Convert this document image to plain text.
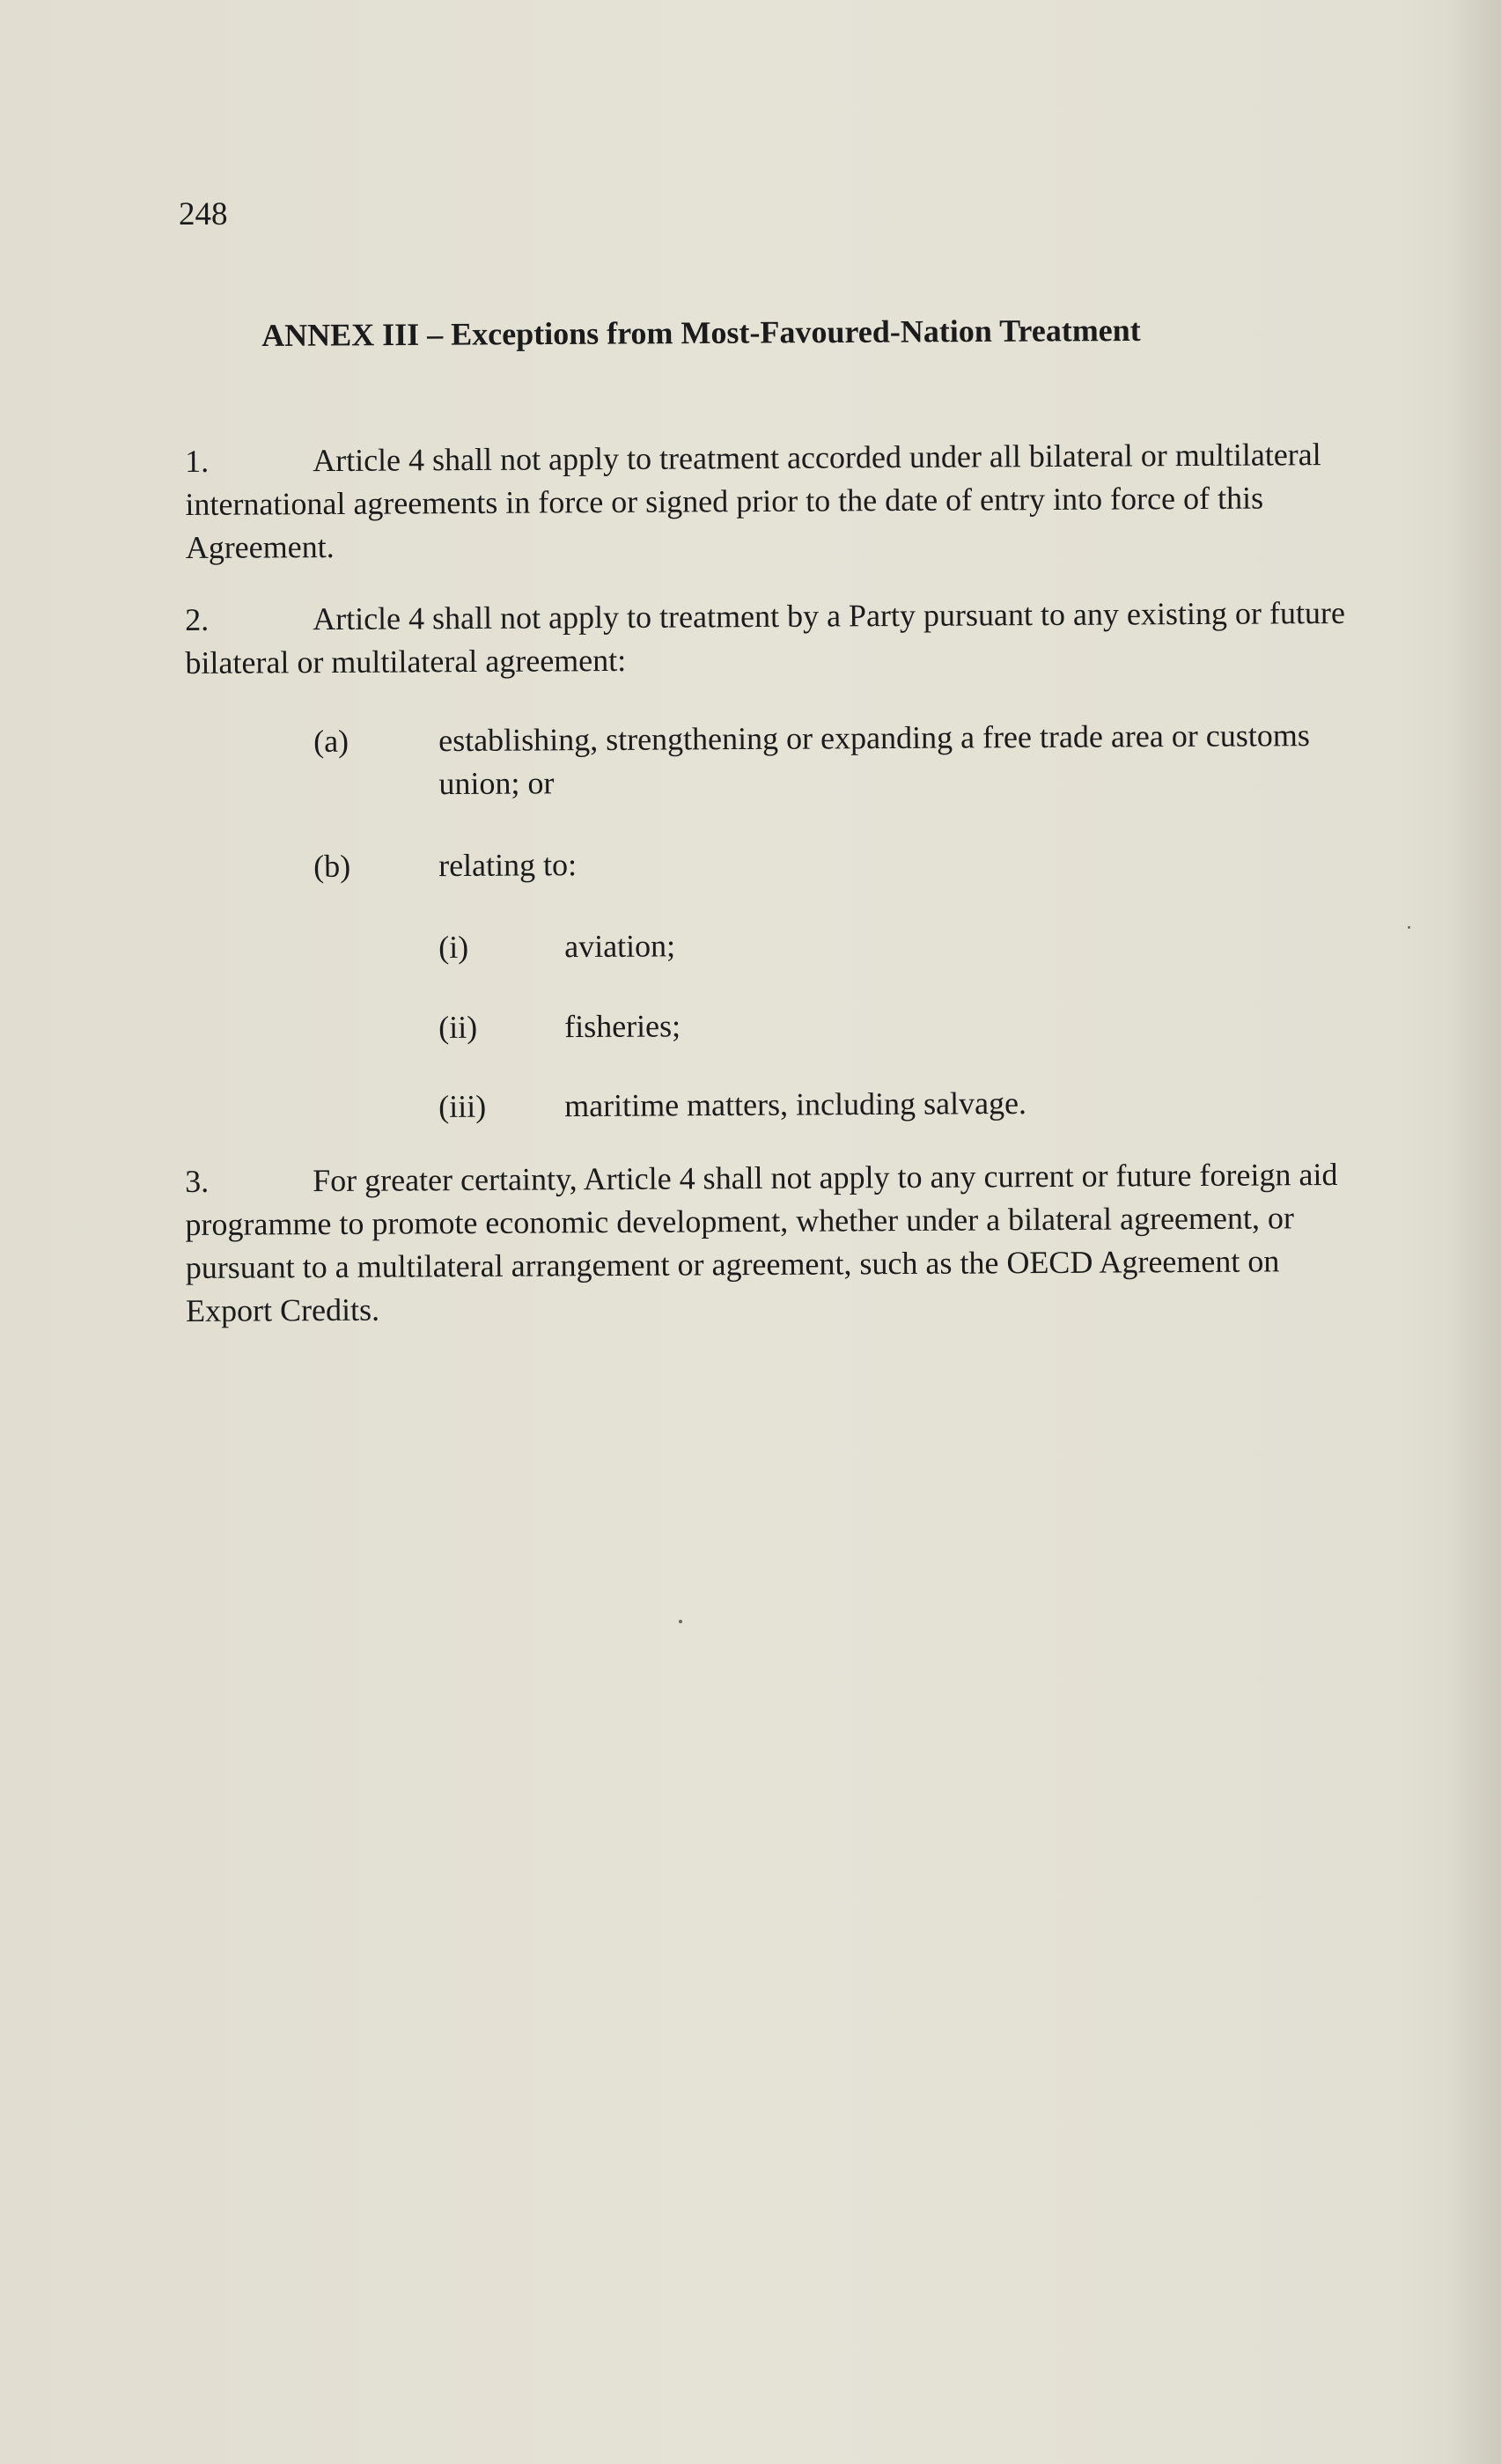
248
ANNEX III – Exceptions from Most-Favoured-Nation Treatment
1.	Article 4 shall not apply to treatment accorded under all bilateral or multilateral international agreements in force or signed prior to the date of entry into force of this Agreement.
2.	Article 4 shall not apply to treatment by a Party pursuant to any existing or future bilateral or multilateral agreement:
(a)	establishing, strengthening or expanding a free trade area or customs union; or
(b)	relating to:
(i)	aviation;
(ii)	fisheries;
(iii) maritime matters, including salvage.
3.	For greater certainty, Article 4 shall not apply to any current or future foreign aid programme to promote economic development, whether under a bilateral agreement, or pursuant to a multilateral arrangement or agreement, such as the OECD Agreement on Export Credits.
